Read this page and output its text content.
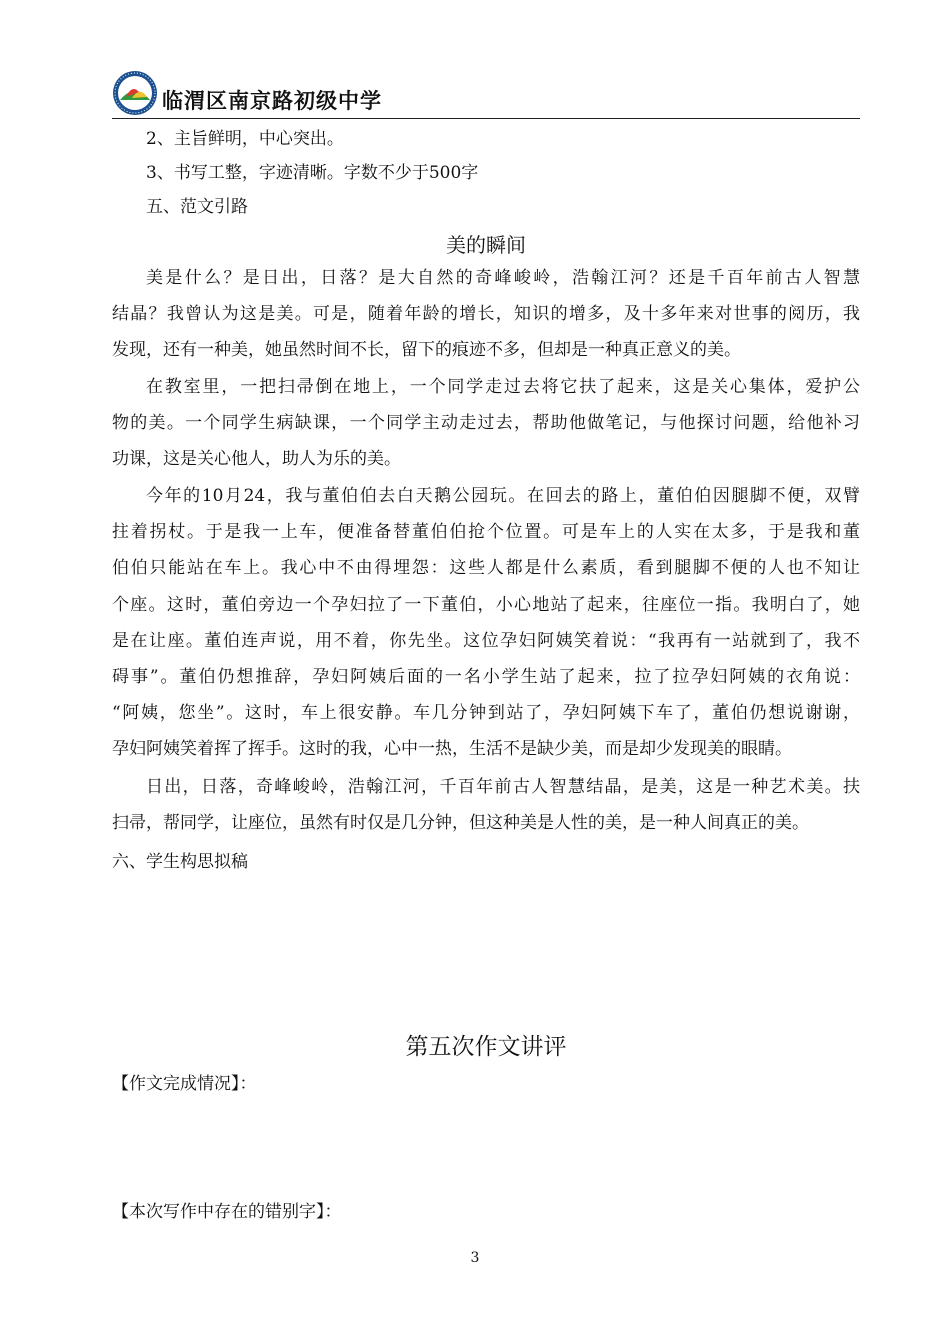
临渭区南京路初级中学

2、主旨鲜明，中心突出。

3、书写工整，字迹清晰。字数不少于500字

五、范文引路

美的瞬间
美是什么？是日出，日落？是大自然的奇峰峻岭，浩翰江河？还是千百年前古人智慧
结晶？我曾认为这是美。可是，随着年龄的增长，知识的增多，及十多年来对世事的阅历，我
发现，还有一种美，她虽然时间不长，留下的痕迹不多，但却是一种真正意义的美。
在教室里，一把扫帚倒在地上，一个同学走过去将它扶了起来，这是关心集体，爱护公
物的美。一个同学生病缺课，一个同学主动走过去，帮助他做笔记，与他探讨问题，给他补习
功课，这是关心他人，助人为乐的美。
今年的10月24，我与董伯伯去白天鹅公园玩。在回去的路上，董伯伯因腿脚不便，双臂
拄着拐杖。于是我一上车，便准备替董伯伯抢个位置。可是车上的人实在太多，于是我和董
伯伯只能站在车上。我心中不由得埋怨：这些人都是什么素质，看到腿脚不便的人也不知让
个座。这时，董伯旁边一个孕妇拉了一下董伯，小心地站了起来，往座位一指。我明白了，她
是在让座。董伯连声说，用不着，你先坐。这位孕妇阿姨笑着说：“我再有一站就到了，我不
碍事”。董伯仍想推辞，孕妇阿姨后面的一名小学生站了起来，拉了拉孕妇阿姨的衣角说：
“阿姨，您坐”。这时，车上很安静。车几分钟到站了，孕妇阿姨下车了，董伯仍想说谢谢，
孕妇阿姨笑着挥了挥手。这时的我，心中一热，生活不是缺少美，而是却少发现美的眼睛。
日出，日落，奇峰峻岭，浩翰江河，千百年前古人智慧结晶，是美，这是一种艺术美。扶
扫帚，帮同学，让座位，虽然有时仅是几分钟，但这种美是人性的美，是一种人间真正的美。

六、学生构思拟稿

第五次作文讲评

【作文完成情况】：

【本次写作中存在的错别字】：

3
